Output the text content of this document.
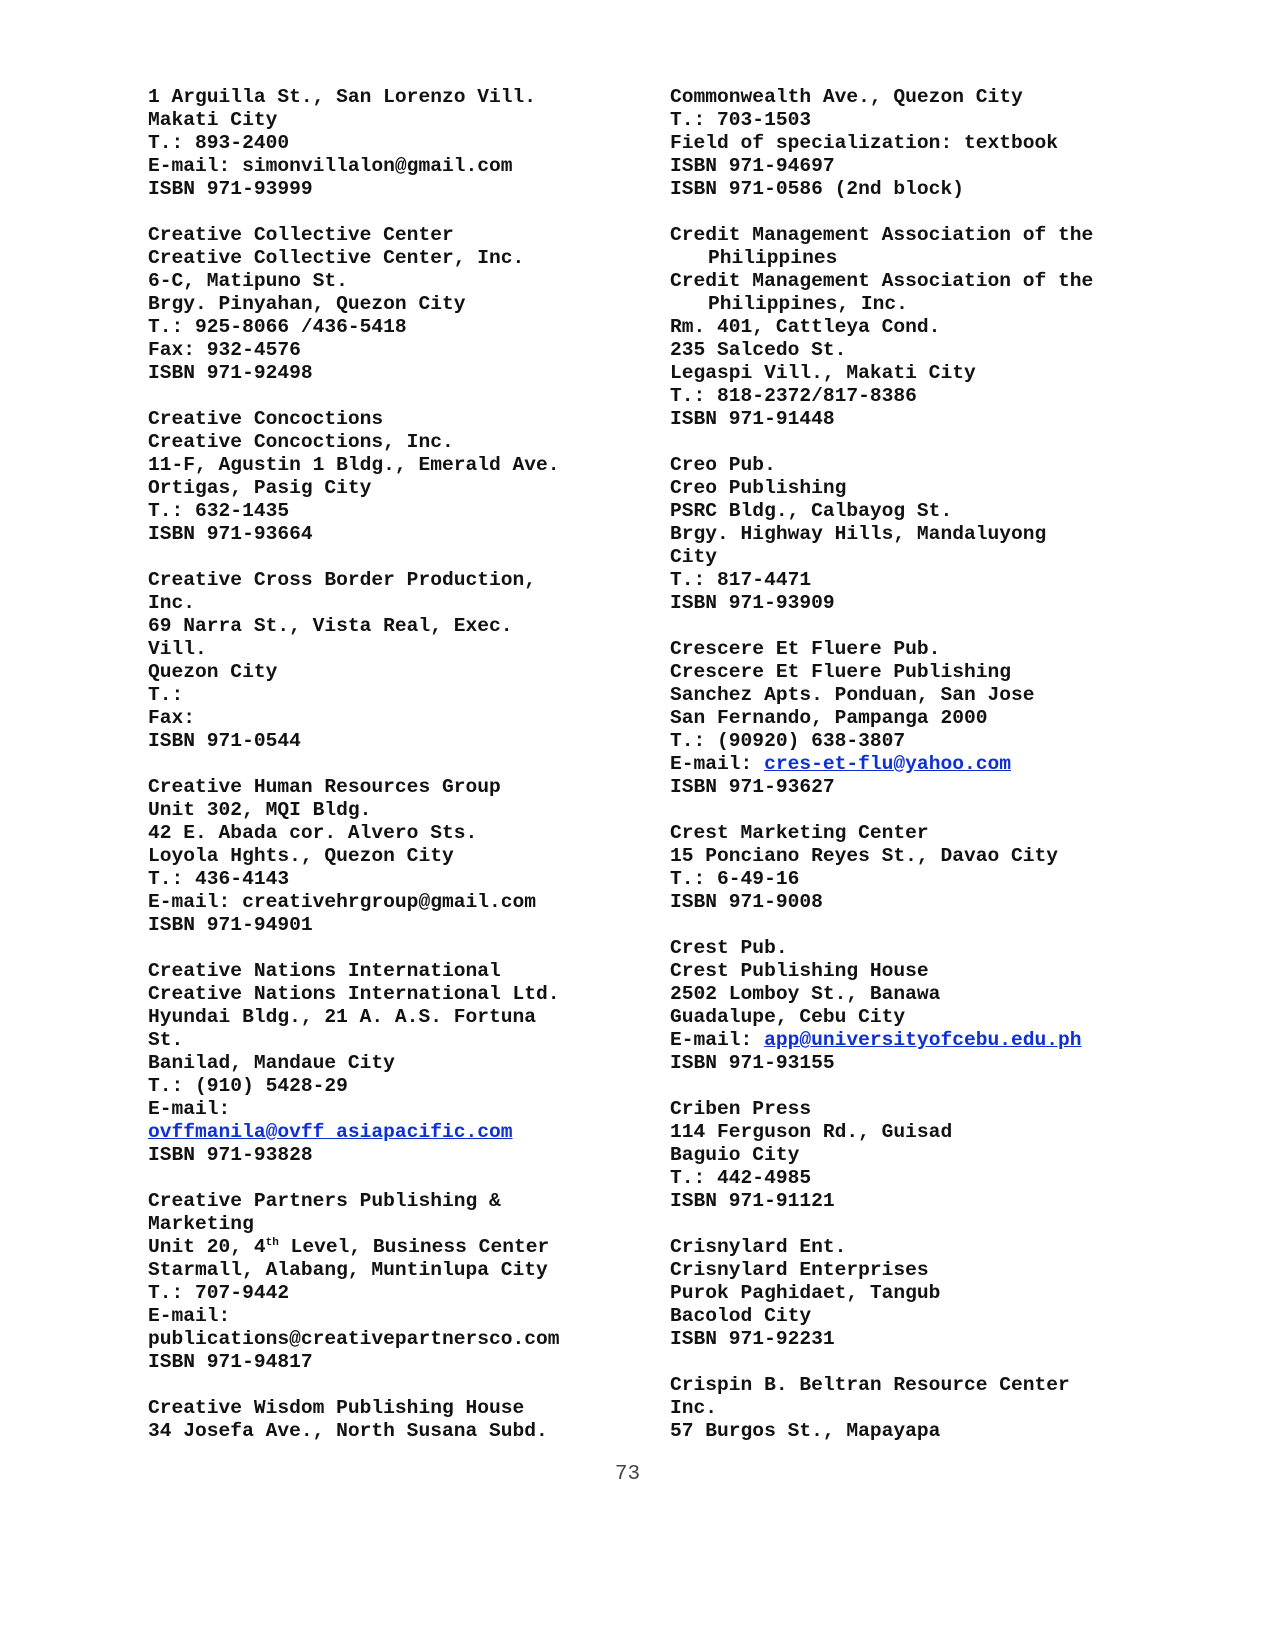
1 Arguilla St., San Lorenzo Vill.
Makati City
T.: 893-2400
E-mail: simonvillalon@gmail.com
ISBN 971-93999
Creative Collective Center
Creative Collective Center, Inc.
6-C, Matipuno St.
Brgy. Pinyahan, Quezon City
T.: 925-8066 /436-5418
Fax: 932-4576
ISBN 971-92498
Creative Concoctions
Creative Concoctions, Inc.
11-F, Agustin 1 Bldg., Emerald Ave.
Ortigas, Pasig City
T.: 632-1435
ISBN 971-93664
Creative Cross Border Production,
Inc.
69 Narra St., Vista Real, Exec.
Vill.
Quezon City
T.:
Fax:
ISBN 971-0544
Creative Human Resources Group
Unit 302, MQI Bldg.
42 E. Abada cor. Alvero Sts.
Loyola Hghts., Quezon City
T.: 436-4143
E-mail: creativehrgroup@gmail.com
ISBN 971-94901
Creative Nations International
Creative Nations International Ltd.
Hyundai Bldg., 21 A. A.S. Fortuna
St.
Banilad, Mandaue City
T.: (910) 5428-29
E-mail:
ovffmanila@ovff_asiapacific.com
ISBN 971-93828
Creative Partners Publishing &
Marketing
Unit 20, 4th Level, Business Center
Starmall, Alabang, Muntinlupa City
T.: 707-9442
E-mail:
publications@creativepartnersco.com
ISBN 971-94817
Creative Wisdom Publishing House
34 Josefa Ave., North Susana Subd.
Commonwealth Ave., Quezon City
T.: 703-1503
Field of specialization: textbook
ISBN 971-94697
ISBN 971-0586 (2nd block)
Credit Management Association of the
Philippines
Credit Management Association of the
Philippines, Inc.
Rm. 401, Cattleya Cond.
235 Salcedo St.
Legaspi Vill., Makati City
T.: 818-2372/817-8386
ISBN 971-91448
Creo Pub.
Creo Publishing
PSRC Bldg., Calbayog St.
Brgy. Highway Hills, Mandaluyong
City
T.: 817-4471
ISBN 971-93909
Crescere Et Fluere Pub.
Crescere Et Fluere Publishing
Sanchez Apts. Ponduan, San Jose
San Fernando, Pampanga 2000
T.: (90920) 638-3807
E-mail: cres-et-flu@yahoo.com
ISBN 971-93627
Crest Marketing Center
15 Ponciano Reyes St., Davao City
T.: 6-49-16
ISBN 971-9008
Crest Pub.
Crest Publishing House
2502 Lomboy St., Banawa
Guadalupe, Cebu City
E-mail: app@universityofcebu.edu.ph
ISBN 971-93155
Criben Press
114 Ferguson Rd., Guisad
Baguio City
T.: 442-4985
ISBN 971-91121
Crisnylard Ent.
Crisnylard Enterprises
Purok Paghidaet, Tangub
Bacolod City
ISBN 971-92231
Crispin B. Beltran Resource Center
Inc.
57 Burgos St., Mapayapa
73
